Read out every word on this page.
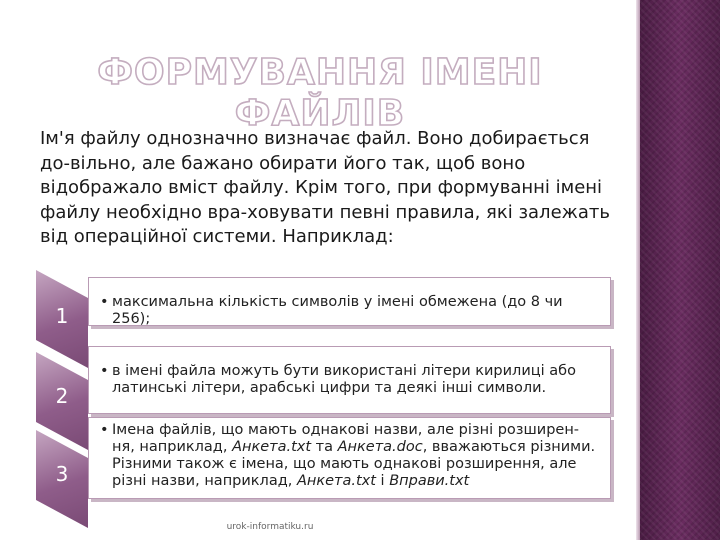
ФОРМУВАННЯ ІМЕНІ ФАЙЛІВ

Ім'я файлу однозначно визначає файл. Воно добирається до-вільно, але бажано обирати його так, щоб воно відображало вміст файлу. Крім того, при формуванні імені файлу необхідно вра-ховувати певні правила, які залежать від операційної системи. Наприклад:

1
• максимальна кількість символів у імені обмежена (до 8 чи 256);
2
• в імені файла можуть бути використані літери кирилиці або латинські літери, арабські цифри та деякі інші символи.
3
• Імена файлів, що мають однакові назви, але різні розширен-ня, наприклад, Анкета.txt та Анкета.doc, вважаються різними. Різними також є імена, що мають однакові розширення, але різні назви, наприклад, Анкета.txt і Вправи.txt
urok-informatiku.ru
